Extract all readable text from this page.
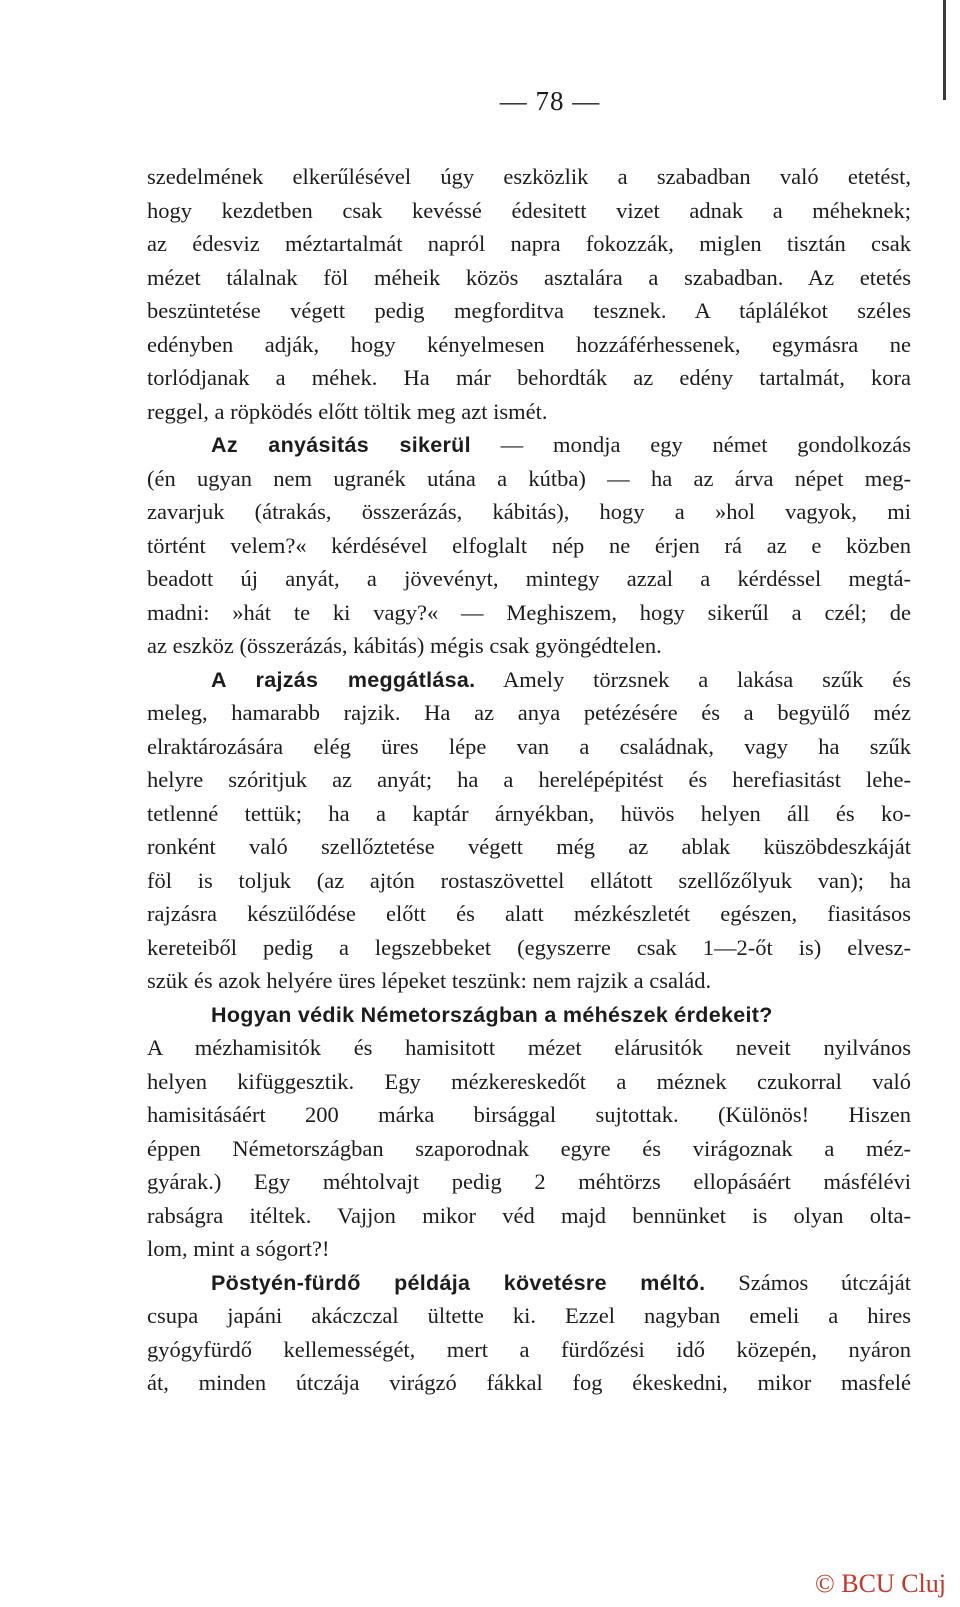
— 78 —
szedelmének elkerűlésével úgy eszközlik a szabadban való etetést,
hogy kezdetben csak kevéssé édesitett vizet adnak a méheknek;
az édesviz méztartalmát napról napra fokozzák, miglen tisztán csak
mézet tálalnak föl méheik közös asztalára a szabadban. Az etetés
beszüntetése végett pedig megforditva tesznek. A táplálékot széles
edényben adják, hogy kényelmesen hozzáférhessenek, egymásra ne
torlódjanak a méhek. Ha már behordták az edény tartalmát, kora
reggel, a röpködés előtt töltik meg azt ismét.
Az anyásitás sikerül — mondja egy német gondolkozás
(én ugyan nem ugranék utána a kútba) — ha az árva népet meg-
zavarjuk (átrakás, összerázás, kábitás), hogy a »hol vagyok, mi
történt velem?« kérdésével elfoglalt nép ne érjen rá az e közben
beadott új anyát, a jövevényt, mintegy azzal a kérdéssel megtá-
madni: »hát te ki vagy?« — Meghiszem, hogy sikerűl a czél; de
az eszköz (összerázás, kábitás) mégis csak gyöngédtelen.
A rajzás meggátlása. Amely törzsnek a lakása szűk és
meleg, hamarabb rajzik. Ha az anya petézésére és a begyülő méz
elraktározására elég üres lépe van a családnak, vagy ha szűk
helyre szóritjuk az anyát; ha a herelépépitést és herefiasitást lehe-
tetlenné tettük; ha a kaptár árnyékban, hüvös helyen áll és ko-
ronként való szellőztetése végett még az ablak küszöbdeszkáját
föl is toljuk (az ajtón rostaszövettel ellátott szellőzőlyuk van); ha
rajzásra készülődése előtt és alatt mézkészletét egészen, fiasitásos
kereteiből pedig a legszebbeket (egyszerre csak 1—2-őt is) elvesz-
szük és azok helyére üres lépeket teszünk: nem rajzik a család.
Hogyan védik Németországban a méhészek érdekeit?
A mézhamisitók és hamisitott mézet elárusitók neveit nyilvános
helyen kifüggesztik. Egy mézkereskedőt a méznek czukorral való
hamisitásáért 200 márka birsággal sujtottak. (Különös! Hiszen
éppen Németországban szaporodnak egyre és virágoznak a méz-
gyárak.) Egy méhtolvajt pedig 2 méhtörzs ellopásáért másfélévi
rabságra itéltek. Vajjon mikor véd majd bennünket is olyan olta-
lom, mint a sógort?!
Pöstyén-fürdő példája követésre méltó. Számos útczáját
csupa japáni akáczczal ültette ki. Ezzel nagyban emeli a hires
gyógyfürdő kellemességét, mert a fürdőzési idő közepén, nyáron
át, minden útczája virágzó fákkal fog ékeskedni, mikor masfelé
© BCU Cluj
